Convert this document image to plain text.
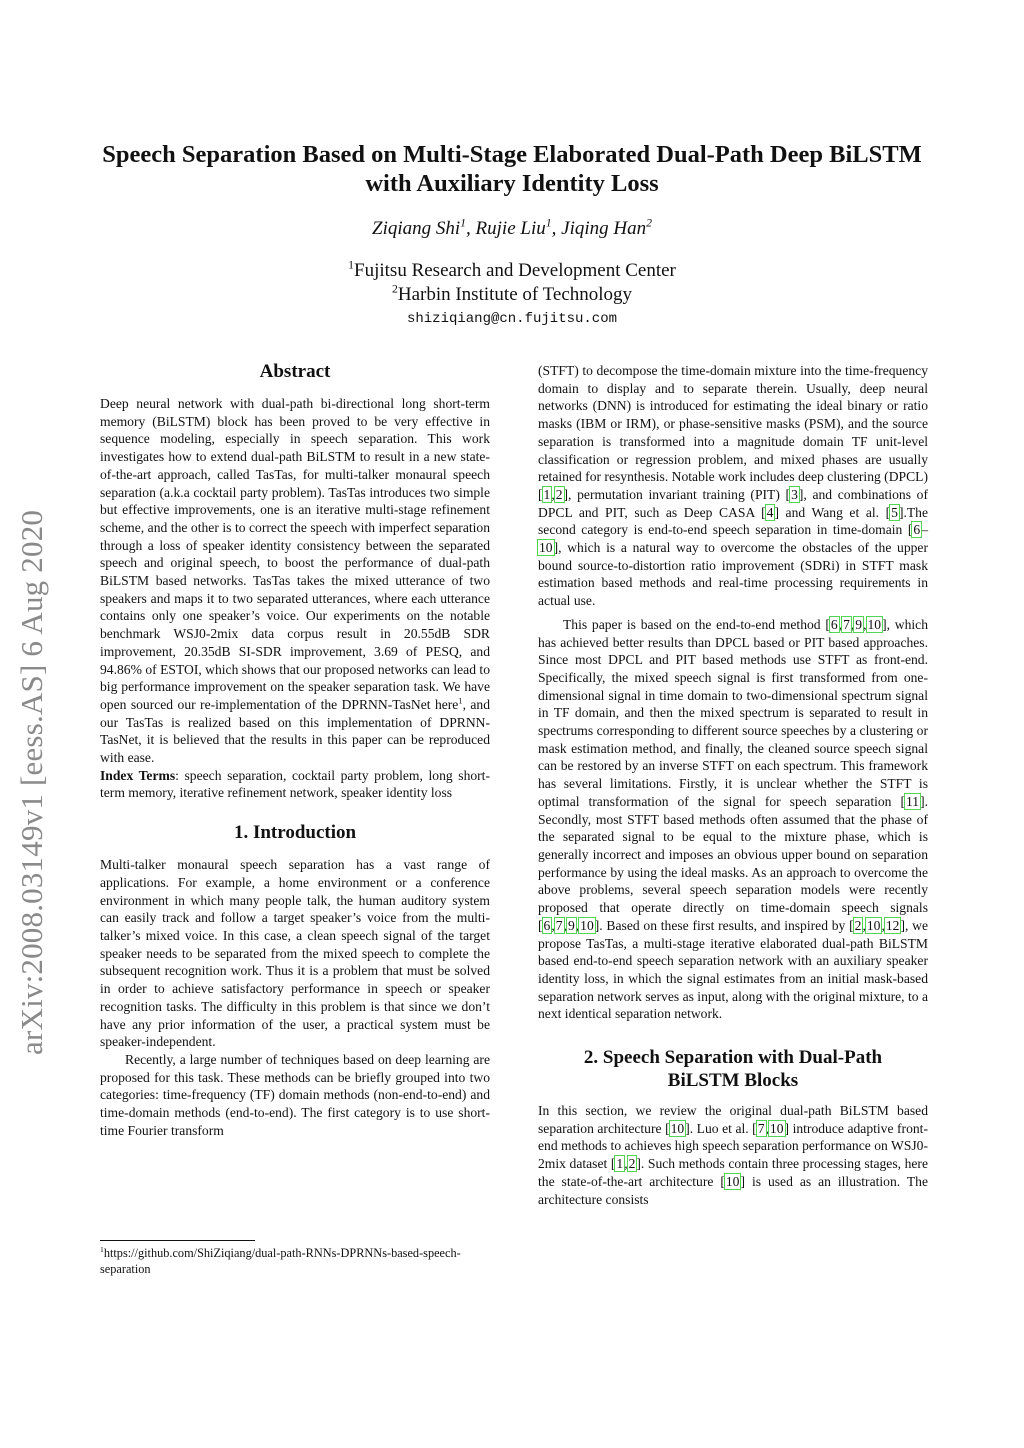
arXiv:2008.03149v1 [eess.AS] 6 Aug 2020
Speech Separation Based on Multi-Stage Elaborated Dual-Path Deep BiLSTM
with Auxiliary Identity Loss
Ziqiang Shi$^1$, Rujie Liu$^1$, Jiqing Han$^2$
$^1$Fujitsu Research and Development Center
$^2$Harbin Institute of Technology
shiziqiang@cn.fujitsu.com
Abstract

Deep neural network with dual-path bi-directional long short-term memory (BiLSTM) block has been proved to be very effective in sequence modeling, especially in speech separation. This work investigates how to extend dual-path BiLSTM to result in a new state-of-the-art approach, called TasTas, for multi-talker monaural speech separation (a.k.a cocktail party problem). TasTas introduces two simple but effective improvements, one is an iterative multi-stage refinement scheme, and the other is to correct the speech with imperfect separation through a loss of speaker identity consistency between the separated speech and original speech, to boost the performance of dual-path BiLSTM based networks. TasTas takes the mixed utterance of two speakers and maps it to two separated utterances, where each utterance contains only one speaker’s voice. Our experiments on the notable benchmark WSJ0-2mix data corpus result in 20.55dB SDR improvement, 20.35dB SI-SDR improvement, 3.69 of PESQ, and 94.86% of ESTOI, which shows that our proposed networks can lead to big performance improvement on the speaker separation task. We have open sourced our re-implementation of the DPRNN-TasNet here$^1$, and our TasTas is realized based on this implementation of DPRNN-TasNet, it is believed that the results in this paper can be reproduced with ease.

Index Terms: speech separation, cocktail party problem, long short-term memory, iterative refinement network, speaker identity loss

1. Introduction

Multi-talker monaural speech separation has a vast range of applications. For example, a home environment or a conference environment in which many people talk, the human auditory system can easily track and follow a target speaker’s voice from the multi-talker’s mixed voice. In this case, a clean speech signal of the target speaker needs to be separated from the mixed speech to complete the subsequent recognition work. Thus it is a problem that must be solved in order to achieve satisfactory performance in speech or speaker recognition tasks. The difficulty in this problem is that since we don’t have any prior information of the user, a practical system must be speaker-independent.

Recently, a large number of techniques based on deep learning are proposed for this task. These methods can be briefly grouped into two categories: time-frequency (TF) domain methods (non-end-to-end) and time-domain methods (end-to-end). The first category is to use short-time Fourier transform

$^1$https://github.com/ShiZiqiang/dual-path-RNNs-DPRNNs-based-speech-separation

(STFT) to decompose the time-domain mixture into the time-frequency domain to display and to separate therein. Usually, deep neural networks (DNN) is introduced for estimating the ideal binary or ratio masks (IBM or IRM), or phase-sensitive masks (PSM), and the source separation is transformed into a magnitude domain TF unit-level classification or regression problem, and mixed phases are usually retained for resynthesis. Notable work includes deep clustering (DPCL) [1,2], permutation invariant training (PIT) [3], and combinations of DPCL and PIT, such as Deep CASA [4] and Wang et al. [5].The second category is end-to-end speech separation in time-domain [6–10], which is a natural way to overcome the obstacles of the upper bound source-to-distortion ratio improvement (SDRi) in STFT mask estimation based methods and real-time processing requirements in actual use.

This paper is based on the end-to-end method [6,7,9,10], which has achieved better results than DPCL based or PIT based approaches. Since most DPCL and PIT based methods use STFT as front-end. Specifically, the mixed speech signal is first transformed from one-dimensional signal in time domain to two-dimensional spectrum signal in TF domain, and then the mixed spectrum is separated to result in spectrums corresponding to different source speeches by a clustering or mask estimation method, and finally, the cleaned source speech signal can be restored by an inverse STFT on each spectrum. This framework has several limitations. Firstly, it is unclear whether the STFT is optimal transformation of the signal for speech separation [11]. Secondly, most STFT based methods often assumed that the phase of the separated signal to be equal to the mixture phase, which is generally incorrect and imposes an obvious upper bound on separation performance by using the ideal masks. As an approach to overcome the above problems, several speech separation models were recently proposed that operate directly on time-domain speech signals [6,7,9,10]. Based on these first results, and inspired by [2,10,12], we propose TasTas, a multi-stage iterative elaborated dual-path BiLSTM based end-to-end speech separation network with an auxiliary speaker identity loss, in which the signal estimates from an initial mask-based separation network serves as input, along with the original mixture, to a next identical separation network.

2. Speech Separation with Dual-Path
BiLSTM Blocks

In this section, we review the original dual-path BiLSTM based separation architecture [10]. Luo et al. [7,10] introduce adaptive front-end methods to achieves high speech separation performance on WSJ0-2mix dataset [1,2]. Such methods contain three processing stages, here the state-of-the-art architecture [10] is used as an illustration. The architecture consists
